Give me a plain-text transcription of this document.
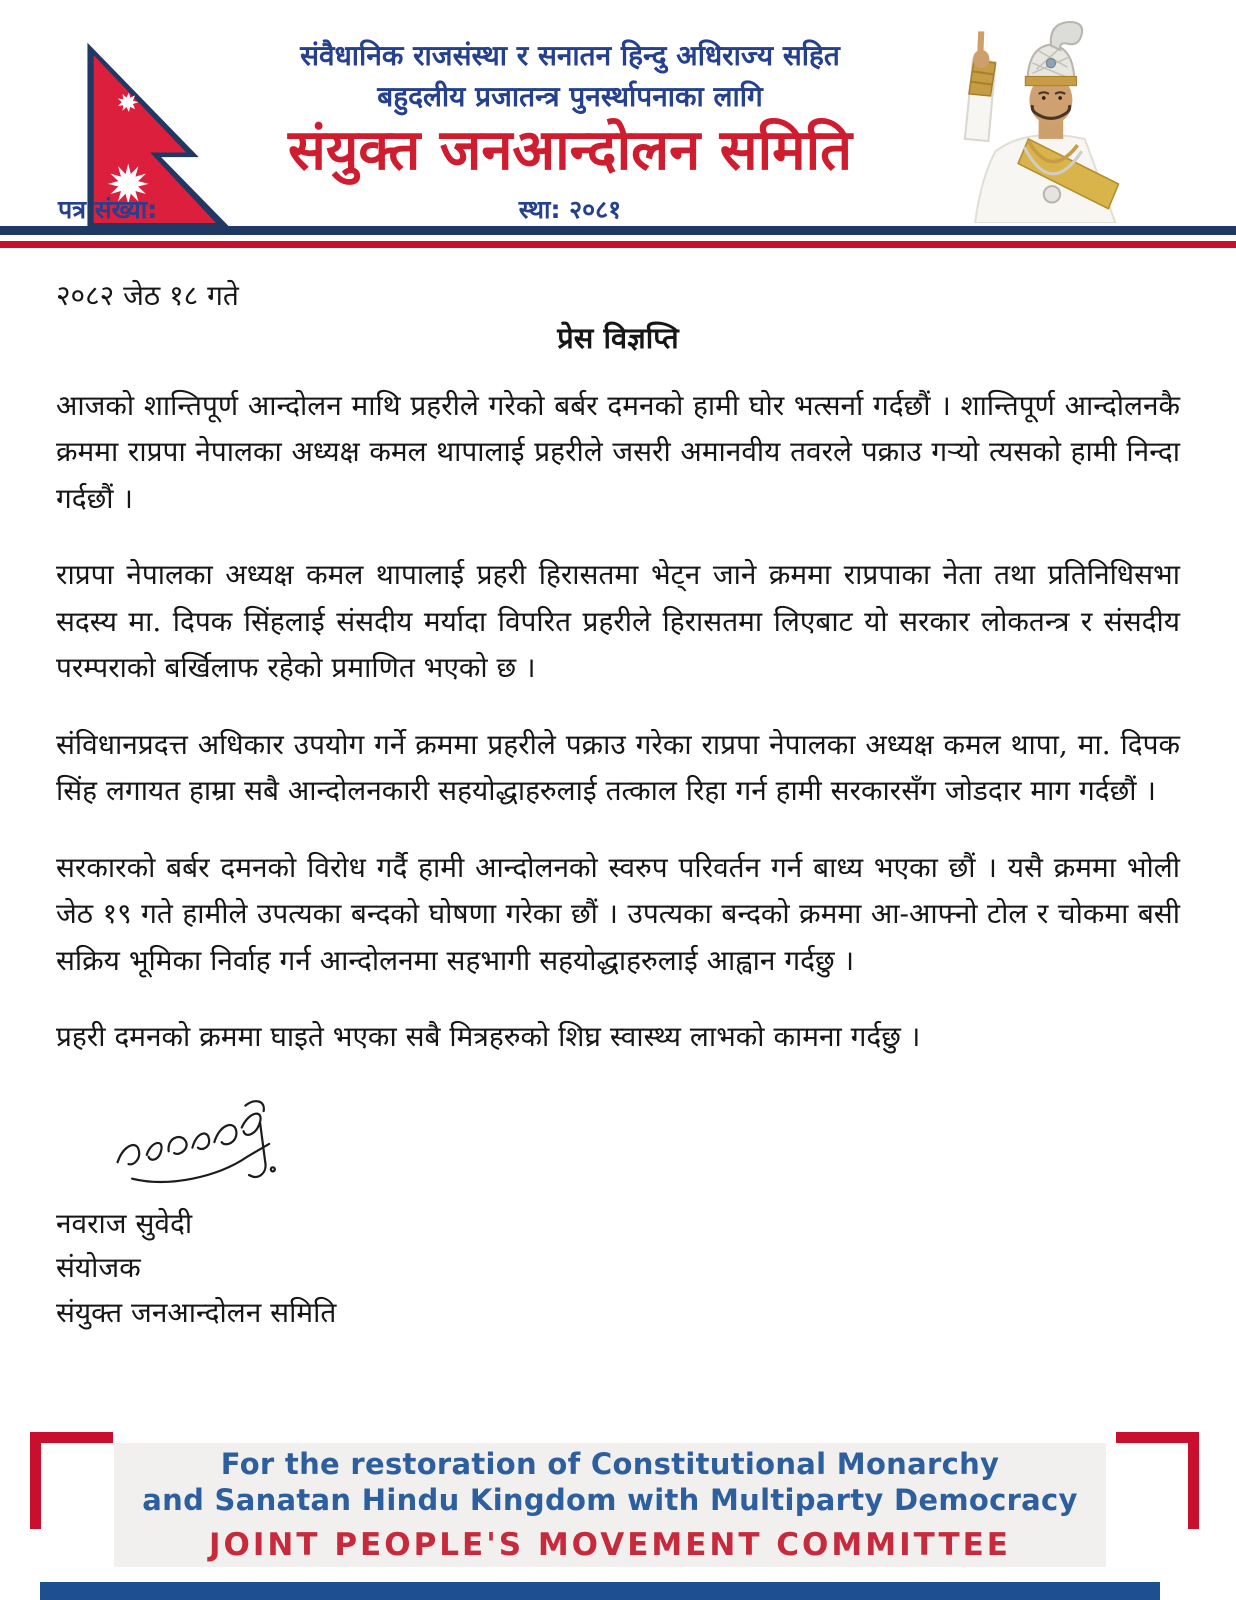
संवैधानिक राजसंस्था र सनातन हिन्दु अधिराज्य सहित
बहुदलीय प्रजातन्त्र पुनर्स्थापनाका लागि
संयुक्त जनआन्दोलन समिति
स्था: २०८१
पत्र संख्या:
२०८२ जेठ १८ गते
प्रेस विज्ञप्ति

आजको शान्तिपूर्ण आन्दोलन माथि प्रहरीले गरेको बर्बर दमनको हामी घोर भत्सर्ना गर्दछौं । शान्तिपूर्ण आन्दोलनकै क्रममा राप्रपा नेपालका अध्यक्ष कमल थापालाई प्रहरीले जसरी अमानवीय तवरले पक्राउ गऱ्यो त्यसको हामी निन्दा गर्दछौं ।

राप्रपा नेपालका अध्यक्ष कमल थापालाई प्रहरी हिरासतमा भेट्न जाने क्रममा राप्रपाका नेता तथा प्रतिनिधिसभा सदस्य मा. दिपक सिंहलाई संसदीय मर्यादा विपरित प्रहरीले हिरासतमा लिएबाट यो सरकार लोकतन्त्र र संसदीय परम्पराको बर्खिलाफ रहेको प्रमाणित भएको छ ।

संविधानप्रदत्त अधिकार उपयोग गर्ने क्रममा प्रहरीले पक्राउ गरेका राप्रपा नेपालका अध्यक्ष कमल थापा, मा. दिपक सिंह लगायत हाम्रा सबै आन्दोलनकारी सहयोद्धाहरुलाई तत्काल रिहा गर्न हामी सरकारसँग जोडदार माग गर्दछौं ।

सरकारको बर्बर दमनको विरोध गर्दै हामी आन्दोलनको स्वरुप परिवर्तन गर्न बाध्य भएका छौं । यसै क्रममा भोली जेठ १९ गते हामीले उपत्यका बन्दको घोषणा गरेका छौं । उपत्यका बन्दको क्रममा आ-आफ्नो टोल र चोकमा बसी सक्रिय भूमिका निर्वाह गर्न आन्दोलनमा सहभागी सहयोद्धाहरुलाई आह्वान गर्दछु ।

प्रहरी दमनको क्रममा घाइते भएका सबै मित्रहरुको शिघ्र स्वास्थ्य लाभको कामना गर्दछु ।

नवराज सुवेदी
संयोजक
संयुक्त जनआन्दोलन समिति
For the restoration of Constitutional Monarchy
and Sanatan Hindu Kingdom with Multiparty Democracy
JOINT PEOPLE'S MOVEMENT COMMITTEE
